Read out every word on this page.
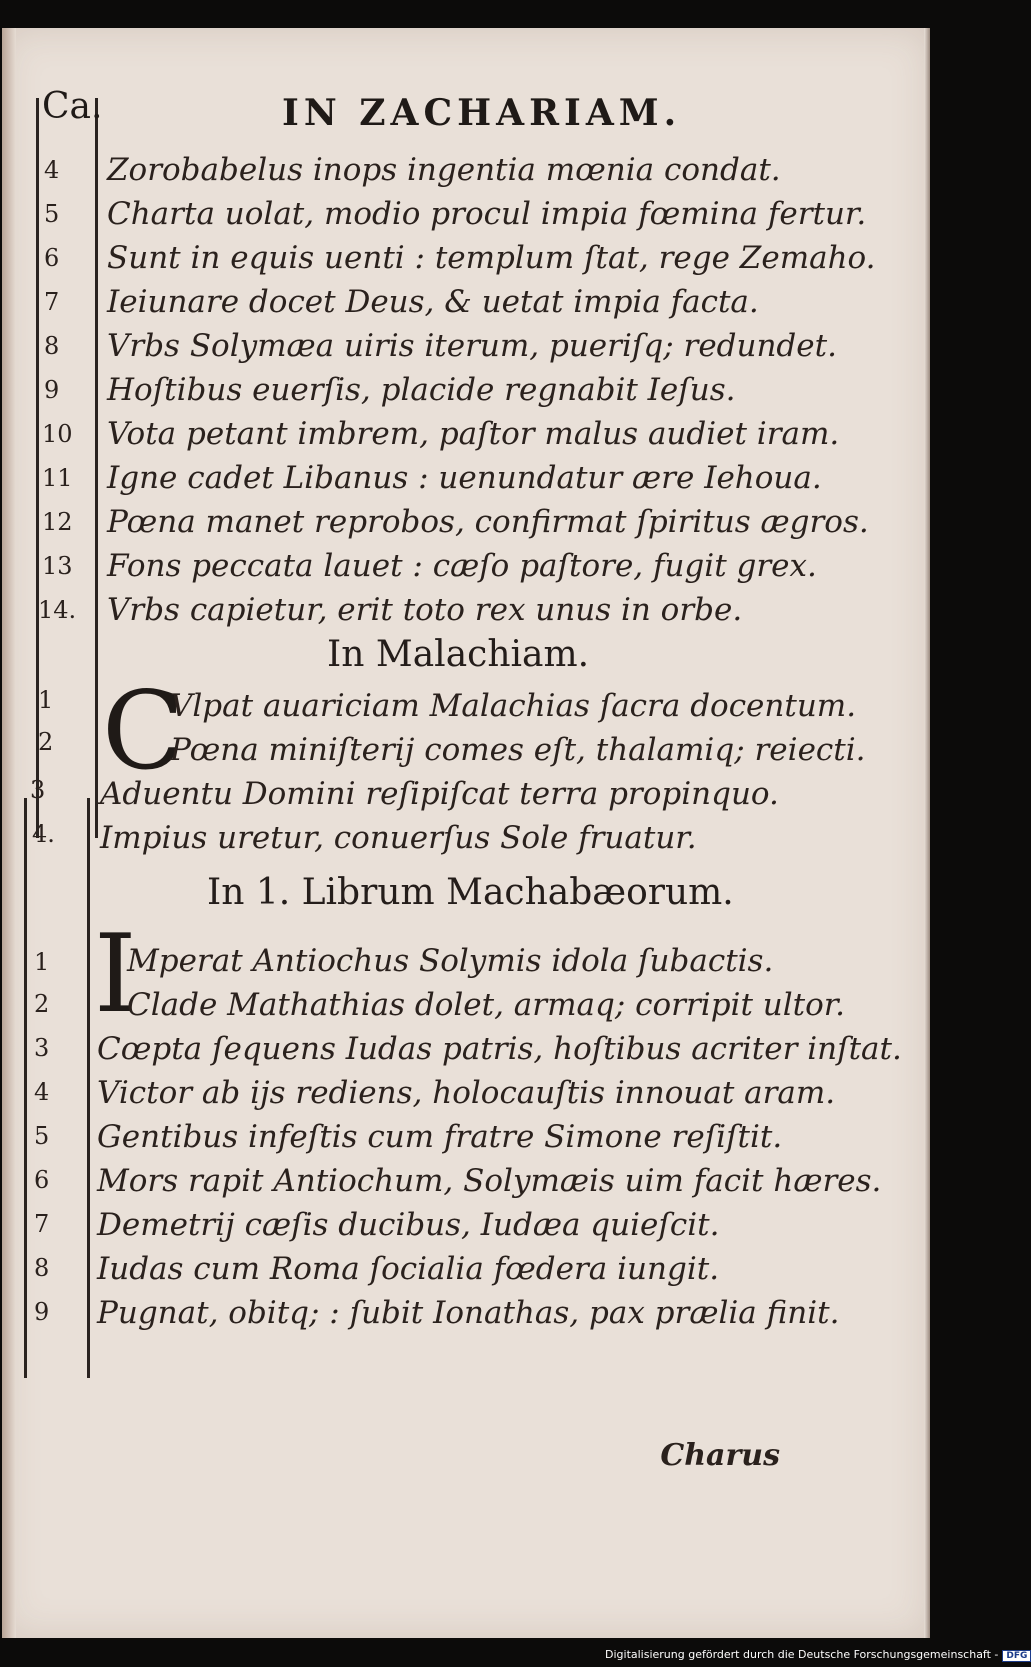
Ca.	IN ZACHARIAM.
4 Zorobabelus inops ingentia mœnia condat.
5 Charta uolat, modio procul impia fœmina fertur.
6 Sunt in equis uenti : templum ſtat, rege Zemaho.
7 Ieiunare docet Deus, & uetat impia facta.
8 Vrbs Solymæa uiris iterum, pueriſq; redundet.
9 Hoſtibus euerſis, placide regnabit Ieſus.
10 Vota petant imbrem, paſtor malus audiet iram.
11 Igne cadet Libanus : uenundatur ære Iehoua.
12 Pœna manet reprobos, confirmat ſpiritus ægros.
13 Fons peccata lauet : cæſo paſtore, fugit grex.
14. Vrbs capietur, erit toto rex unus in orbe.
In Malachiam.
C
1	Vlpat auariciam Malachias ſacra docentum.
2	Pœna miniſterij comes eſt, thalamiq; reiecti.
3 Aduentu Domini reſipiſcat terra propinquo.
4. Impius uretur, conuerſus Sole fruatur.
In 1. Librum Machabæorum.
I
1	Mperat Antiochus Solymis idola ſubactis.
2	Clade Mathathias dolet, armaq; corripit ultor.
3 Cœpta ſequens Iudas patris, hoſtibus acriter inſtat.
4 Victor ab ijs rediens, holocauſtis innouat aram.
5 Gentibus infeſtis cum fratre Simone reſiſtit.
6 Mors rapit Antiochum, Solymæis uim facit hæres.
7 Demetrij cæſis ducibus, Iudæa quieſcit.
8 Iudas cum Roma ſocialia fœdera iungit.
9 Pugnat, obitq; : ſubit Ionathas, pax prælia finit.
Charus
Digitalisierung gefördert durch die Deutsche Forschungsgemeinschaft - DFG
